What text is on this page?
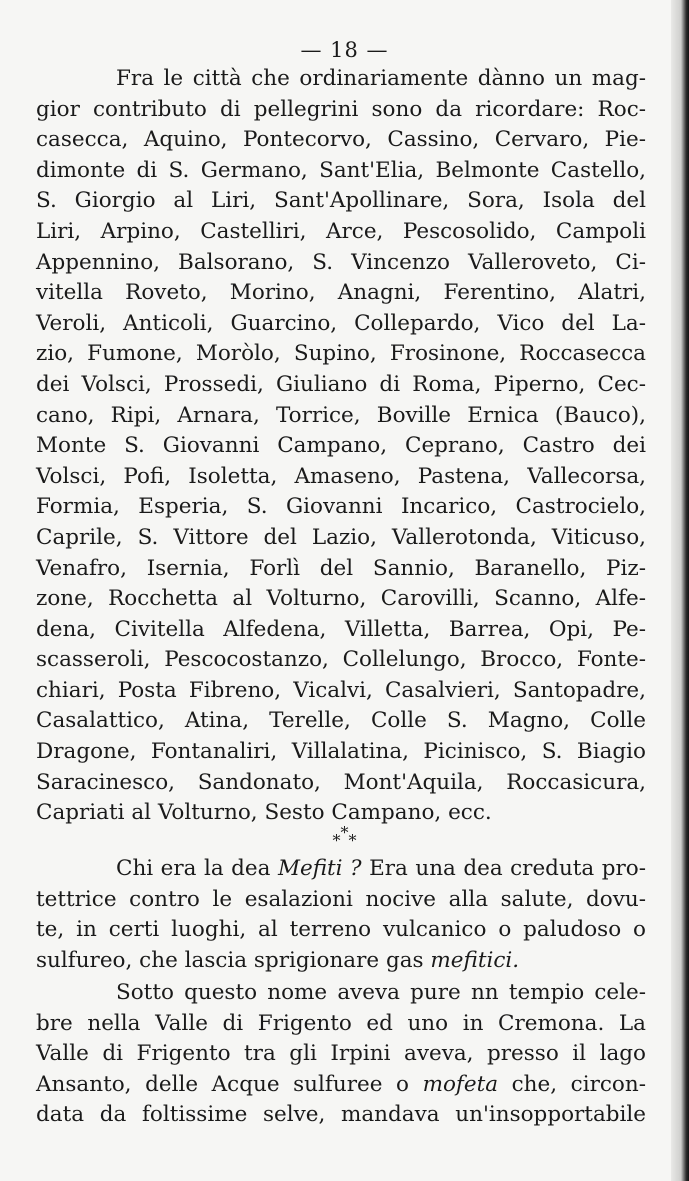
— 18 —
Fra le città che ordinariamente dànno un mag-
gior contributo di pellegrini sono da ricordare: Roc-
casecca, Aquino, Pontecorvo, Cassino, Cervaro, Pie-
dimonte di S. Germano, Sant'Elia, Belmonte Castello,
S. Giorgio al Liri, Sant'Apollinare, Sora, Isola del
Liri, Arpino, Castelliri, Arce, Pescosolido, Campoli
Appennino, Balsorano, S. Vincenzo Valleroveto, Ci-
vitella Roveto, Morino, Anagni, Ferentino, Alatri,
Veroli, Anticoli, Guarcino, Collepardo, Vico del La-
zio, Fumone, Moròlo, Supino, Frosinone, Roccasecca
dei Volsci, Prossedi, Giuliano di Roma, Piperno, Cec-
cano, Ripi, Arnara, Torrice, Boville Ernica (Bauco),
Monte S. Giovanni Campano, Ceprano, Castro dei
Volsci, Pofi, Isoletta, Amaseno, Pastena, Vallecorsa,
Formia, Esperia, S. Giovanni Incarico, Castrocielo,
Caprile, S. Vittore del Lazio, Vallerotonda, Viticuso,
Venafro, Isernia, Forlì del Sannio, Baranello, Piz-
zone, Rocchetta al Volturno, Carovilli, Scanno, Alfe-
dena, Civitella Alfedena, Villetta, Barrea, Opi, Pe-
scasseroli, Pescocostanzo, Collelungo, Brocco, Fonte-
chiari, Posta Fibreno, Vicalvi, Casalvieri, Santopadre,
Casalattico, Atina, Terelle, Colle S. Magno, Colle
Dragone, Fontanaliri, Villalatina, Picinisco, S. Biagio
Saracinesco, Sandonato, Mont'Aquila, Roccasicura,
Capriati al Volturno, Sesto Campano, ecc.
***
Chi era la dea Mefiti ? Era una dea creduta pro-
tettrice contro le esalazioni nocive alla salute, dovu-
te, in certi luoghi, al terreno vulcanico o paludoso o
sulfureo, che lascia sprigionare gas mefitici.
Sotto questo nome aveva pure nn tempio cele-
bre nella Valle di Frigento ed uno in Cremona. La
Valle di Frigento tra gli Irpini aveva, presso il lago
Ansanto, delle Acque sulfuree o mofeta che, circon-
data da foltissime selve, mandava un'insopportabile
